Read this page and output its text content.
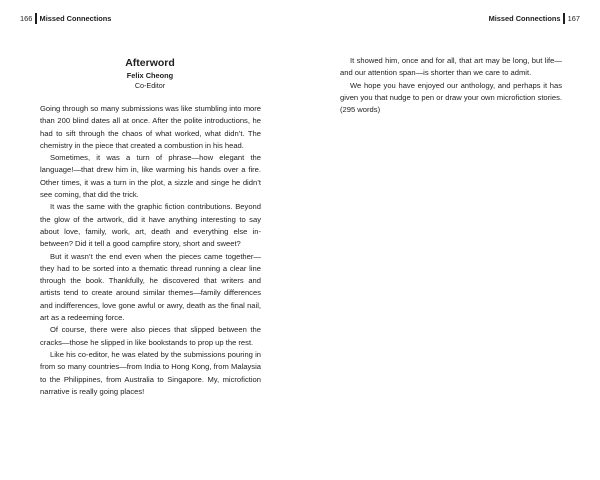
166 Missed Connections
Afterword
Felix Cheong
Co-Editor

Going through so many submissions was like stumbling into more than 200 blind dates all at once. After the polite introductions, he had to sift through the chaos of what worked, what didn’t. The chemistry in the piece that created a combustion in his head.

Sometimes, it was a turn of phrase—how elegant the language!—that drew him in, like warming his hands over a fire. Other times, it was a turn in the plot, a sizzle and singe he didn’t see coming, that did the trick.

It was the same with the graphic fiction contributions. Beyond the glow of the artwork, did it have anything interesting to say about love, family, work, art, death and everything else in-between? Did it tell a good campfire story, short and sweet?

But it wasn’t the end even when the pieces came together—they had to be sorted into a thematic thread running a clear line through the book. Thankfully, he discovered that writers and artists tend to create around similar themes—family differences and indifferences, love gone awful or awry, death as the final nail, art as a redeeming force.

Of course, there were also pieces that slipped between the cracks—those he slipped in like bookstands to prop up the rest.

Like his co-editor, he was elated by the submissions pouring in from so many countries—from India to Hong Kong, from Malaysia to the Philippines, from Australia to Singapore. My, microfiction narrative is really going places!

Missed Connections 167

It showed him, once and for all, that art may be long, but life—and our attention span—is shorter than we care to admit.

We hope you have enjoyed our anthology, and perhaps it has given you that nudge to pen or draw your own microfiction stories. (295 words)
